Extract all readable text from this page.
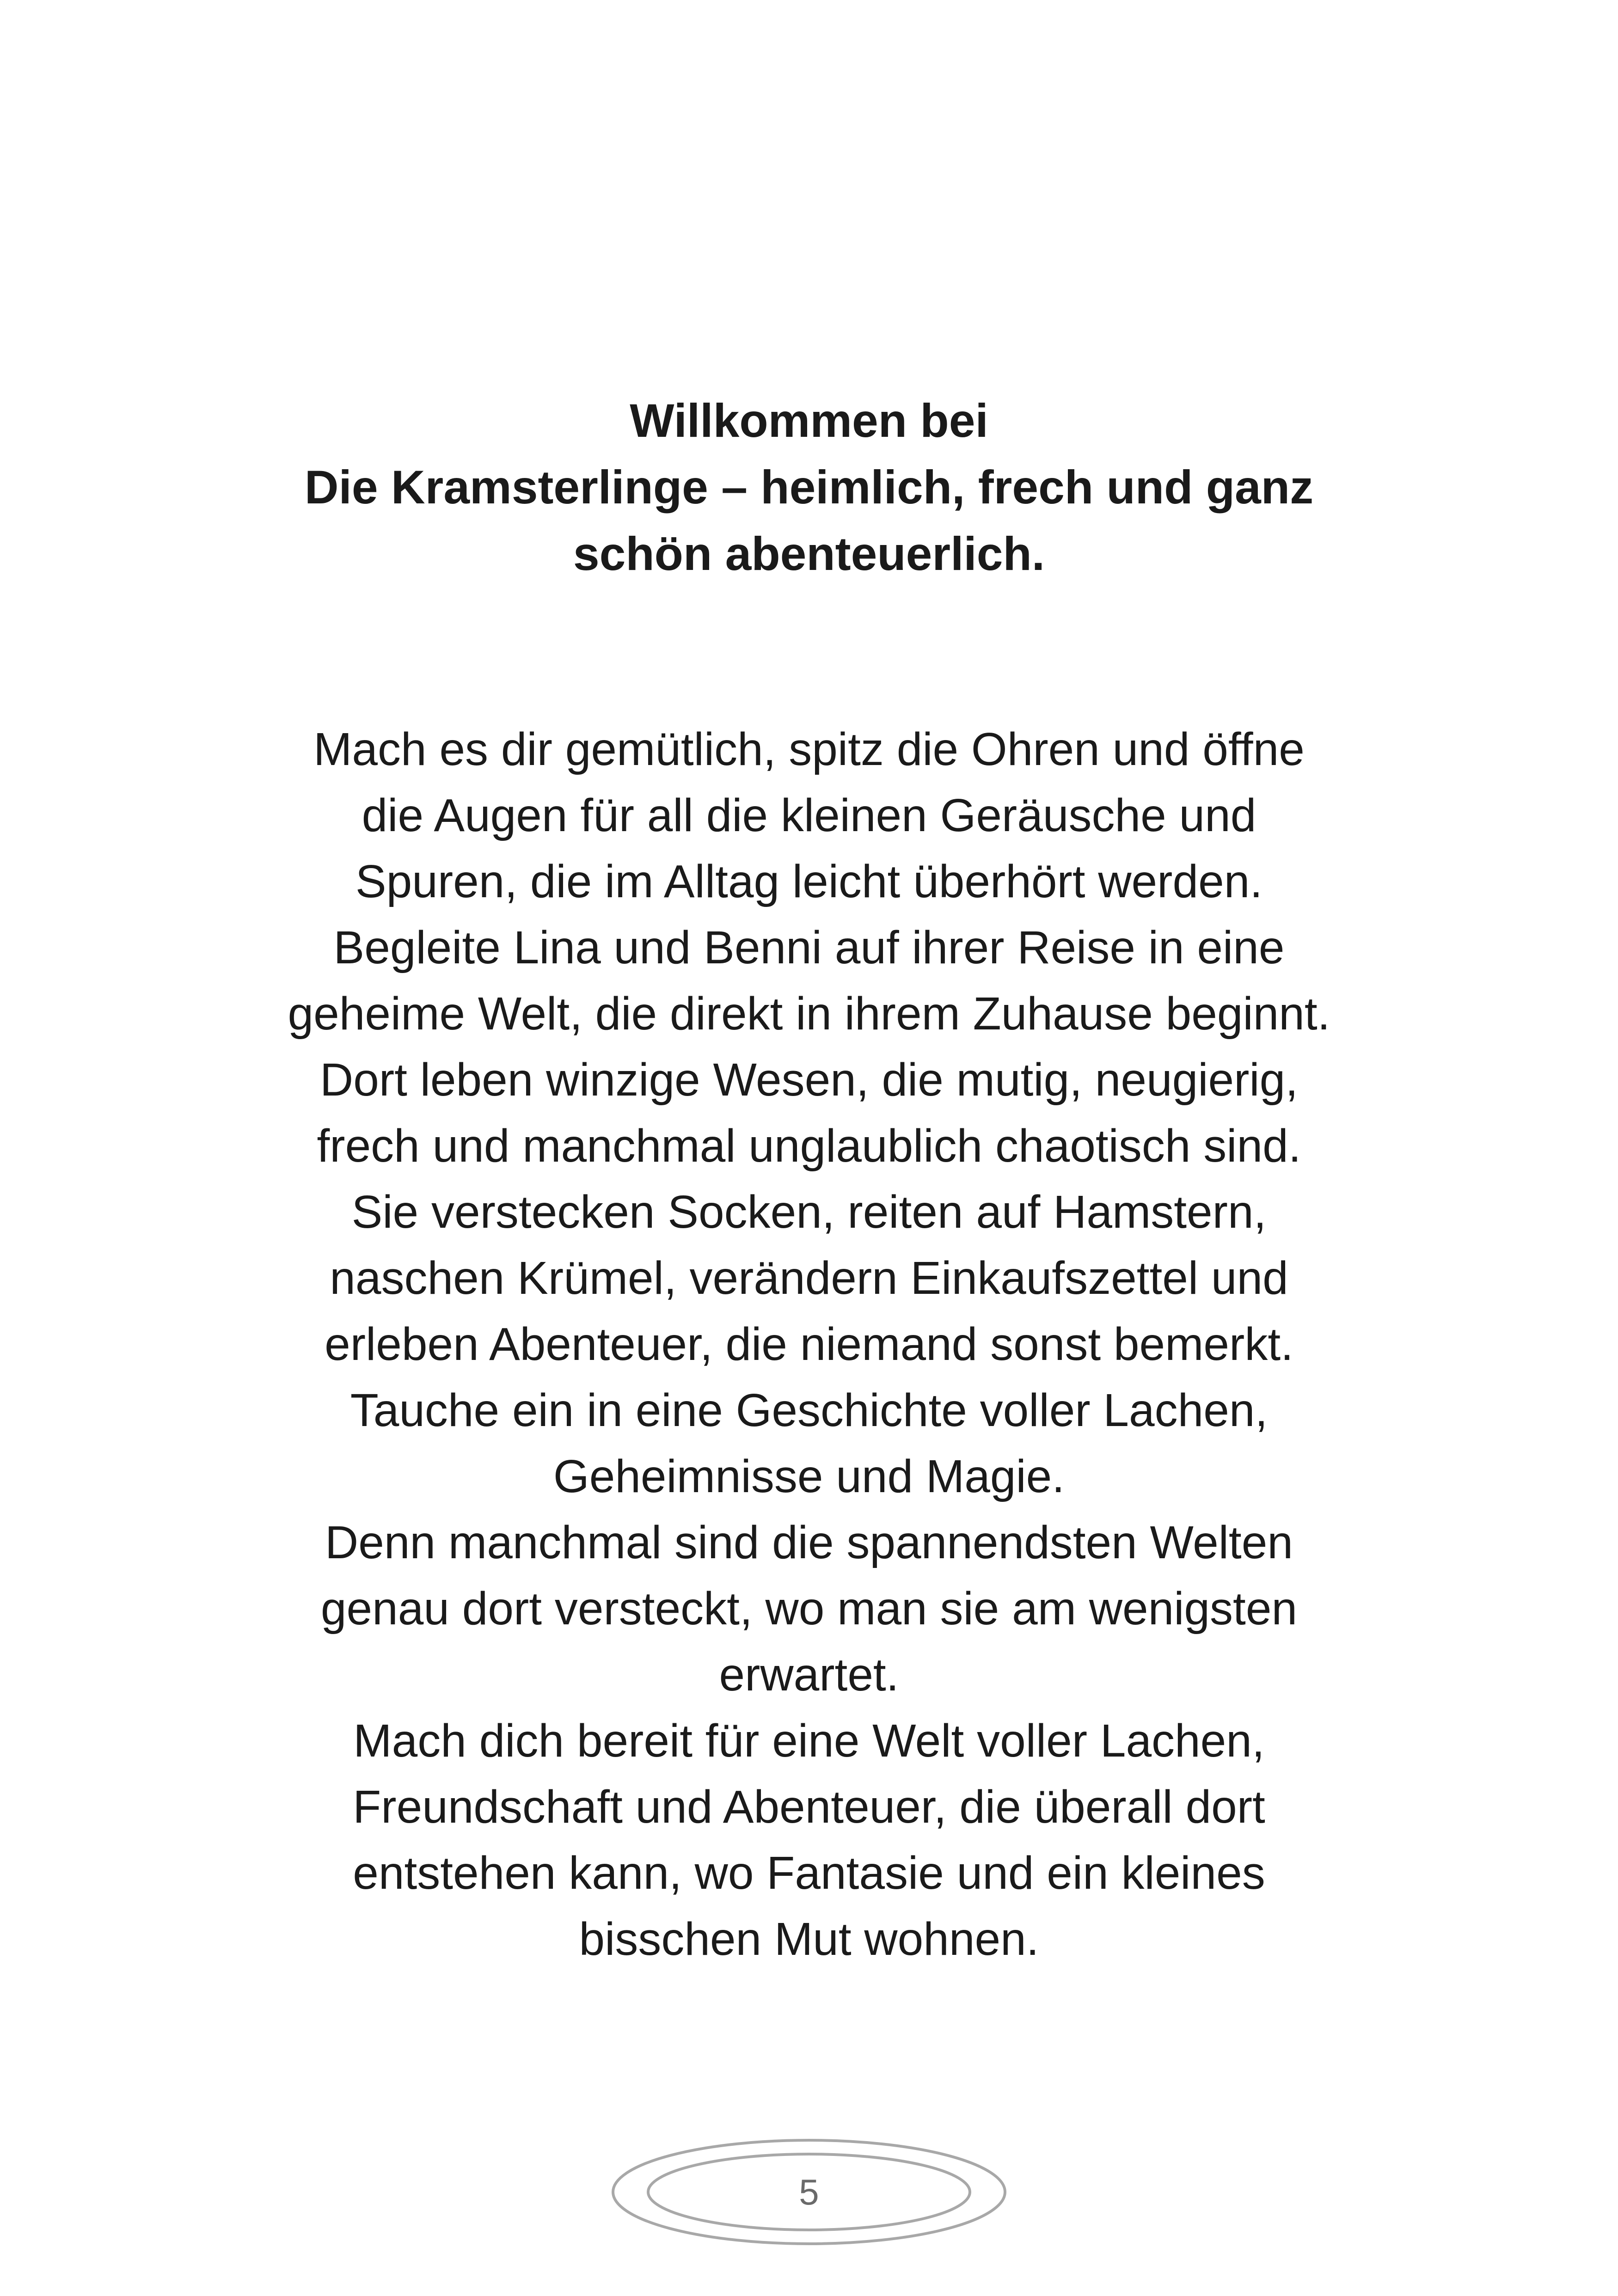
Willkommen bei
Die Kramsterlinge – heimlich, frech und ganz
schön abenteuerlich.
Mach es dir gemütlich, spitz die Ohren und öffne
die Augen für all die kleinen Geräusche und
Spuren, die im Alltag leicht überhört werden.
Begleite Lina und Benni auf ihrer Reise in eine
geheime Welt, die direkt in ihrem Zuhause beginnt.
Dort leben winzige Wesen, die mutig, neugierig,
frech und manchmal unglaublich chaotisch sind.
Sie verstecken Socken, reiten auf Hamstern,
naschen Krümel, verändern Einkaufszettel und
erleben Abenteuer, die niemand sonst bemerkt.
Tauche ein in eine Geschichte voller Lachen,
Geheimnisse und Magie.
Denn manchmal sind die spannendsten Welten
genau dort versteckt, wo man sie am wenigsten
erwartet.
Mach dich bereit für eine Welt voller Lachen,
Freundschaft und Abenteuer, die überall dort
entstehen kann, wo Fantasie und ein kleines
bisschen Mut wohnen.
5
